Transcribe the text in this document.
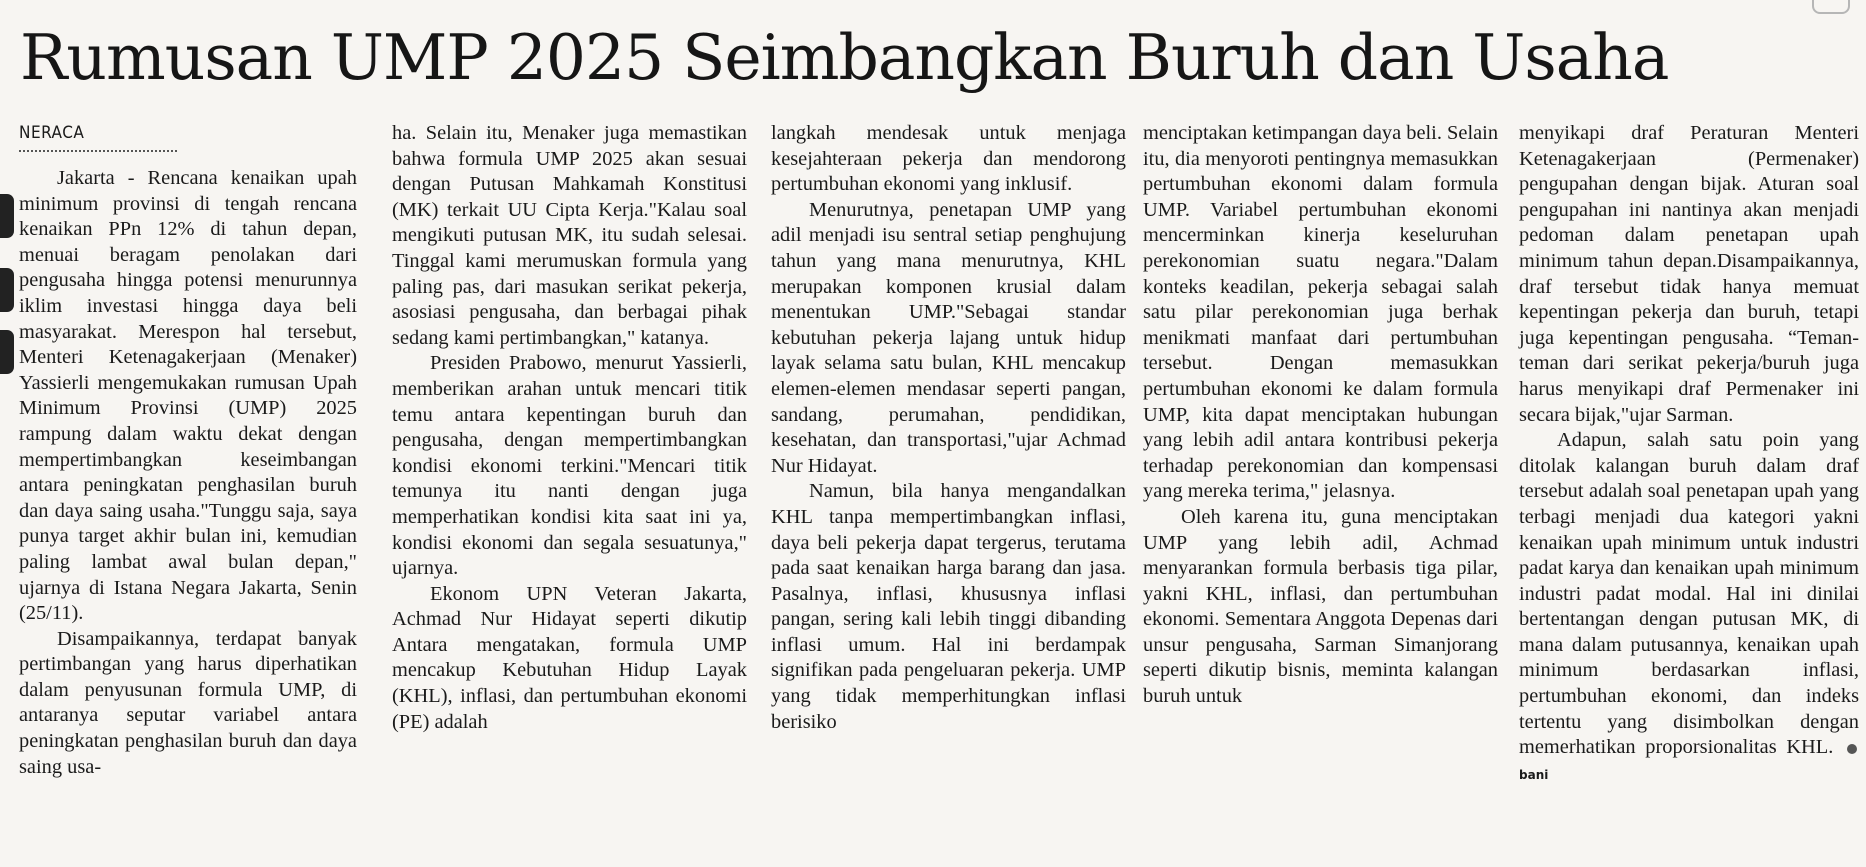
Rumusan UMP 2025 Seimbangkan Buruh dan Usaha
NERACA

Jakarta - Rencana kenaikan upah minimum provinsi di tengah rencana kenaikan PPn 12% di tahun depan, menuai beragam penolakan dari pengusaha hingga potensi menurunnya iklim investasi hingga daya beli masyarakat. Merespon hal tersebut, Menteri Ketenagakerjaan (Menaker) Yassierli mengemukakan rumusan Upah Minimum Provinsi (UMP) 2025 rampung dalam waktu dekat dengan mempertimbangkan keseimbangan antara peningkatan penghasilan buruh dan daya saing usaha."Tunggu saja, saya punya target akhir bulan ini, kemudian paling lambat awal bulan depan," ujarnya di Istana Negara Jakarta, Senin (25/11).

Disampaikannya, terdapat banyak pertimbangan yang harus diperhatikan dalam penyusunan formula UMP, di antaranya seputar variabel antara peningkatan penghasilan buruh dan daya saing usa-

ha. Selain itu, Menaker juga memastikan bahwa formula UMP 2025 akan sesuai dengan Putusan Mahkamah Konstitusi (MK) terkait UU Cipta Kerja."Kalau soal mengikuti putusan MK, itu sudah selesai. Tinggal kami merumuskan formula yang paling pas, dari masukan serikat pekerja, asosiasi pengusaha, dan berbagai pihak sedang kami pertimbangkan," katanya.

Presiden Prabowo, menurut Yassierli, memberikan arahan untuk mencari titik temu antara kepentingan buruh dan pengusaha, dengan mempertimbangkan kondisi ekonomi terkini."Mencari titik temunya itu nanti dengan juga memperhatikan kondisi kita saat ini ya, kondisi ekonomi dan segala sesuatunya," ujarnya.

Ekonom UPN Veteran Jakarta, Achmad Nur Hidayat seperti dikutip Antara mengatakan, formula UMP mencakup Kebutuhan Hidup Layak (KHL), inflasi, dan pertumbuhan ekonomi (PE) adalah

langkah mendesak untuk menjaga kesejahteraan pekerja dan mendorong pertumbuhan ekonomi yang inklusif.

Menurutnya, penetapan UMP yang adil menjadi isu sentral setiap penghujung tahun yang mana menurutnya, KHL merupakan komponen krusial dalam menentukan UMP."Sebagai standar kebutuhan pekerja lajang untuk hidup layak selama satu bulan, KHL mencakup elemen-elemen mendasar seperti pangan, sandang, perumahan, pendidikan, kesehatan, dan transportasi,"ujar Achmad Nur Hidayat.

Namun, bila hanya mengandalkan KHL tanpa mempertimbangkan inflasi, daya beli pekerja dapat tergerus, terutama pada saat kenaikan harga barang dan jasa. Pasalnya, inflasi, khususnya inflasi pangan, sering kali lebih tinggi dibanding inflasi umum. Hal ini berdampak signifikan pada pengeluaran pekerja. UMP yang tidak memperhitungkan inflasi berisiko

menciptakan ketimpangan daya beli. Selain itu, dia menyoroti pentingnya memasukkan pertumbuhan ekonomi dalam formula UMP. Variabel pertumbuhan ekonomi mencerminkan kinerja keseluruhan perekonomian suatu negara."Dalam konteks keadilan, pekerja sebagai salah satu pilar perekonomian juga berhak menikmati manfaat dari pertumbuhan tersebut. Dengan memasukkan pertumbuhan ekonomi ke dalam formula UMP, kita dapat menciptakan hubungan yang lebih adil antara kontribusi pekerja terhadap perekonomian dan kompensasi yang mereka terima," jelasnya.

Oleh karena itu, guna menciptakan UMP yang lebih adil, Achmad menyarankan formula berbasis tiga pilar, yakni KHL, inflasi, dan pertumbuhan ekonomi. Sementara Anggota Depenas dari unsur pengusaha, Sarman Simanjorang seperti dikutip bisnis, meminta kalangan buruh untuk

menyikapi draf Peraturan Menteri Ketenagakerjaan (Permenaker) pengupahan dengan bijak. Aturan soal pengupahan ini nantinya akan menjadi pedoman dalam penetapan upah minimum tahun depan.Disampaikannya, draf tersebut tidak hanya memuat kepentingan pekerja dan buruh, tetapi juga kepentingan pengusaha. “Teman-teman dari serikat pekerja/buruh juga harus menyikapi draf Permenaker ini secara bijak,"ujar Sarman.

Adapun, salah satu poin yang ditolak kalangan buruh dalam draf tersebut adalah soal penetapan upah yang terbagi menjadi dua kategori yakni kenaikan upah minimum untuk industri padat karya dan kenaikan upah minimum industri padat modal. Hal ini dinilai bertentangan dengan putusan MK, di mana dalam putusannya, kenaikan upah minimum berdasarkan inflasi, pertumbuhan ekonomi, dan indeks tertentu yang disimbolkan dengan memerhatikan proporsionalitas KHL. bani
